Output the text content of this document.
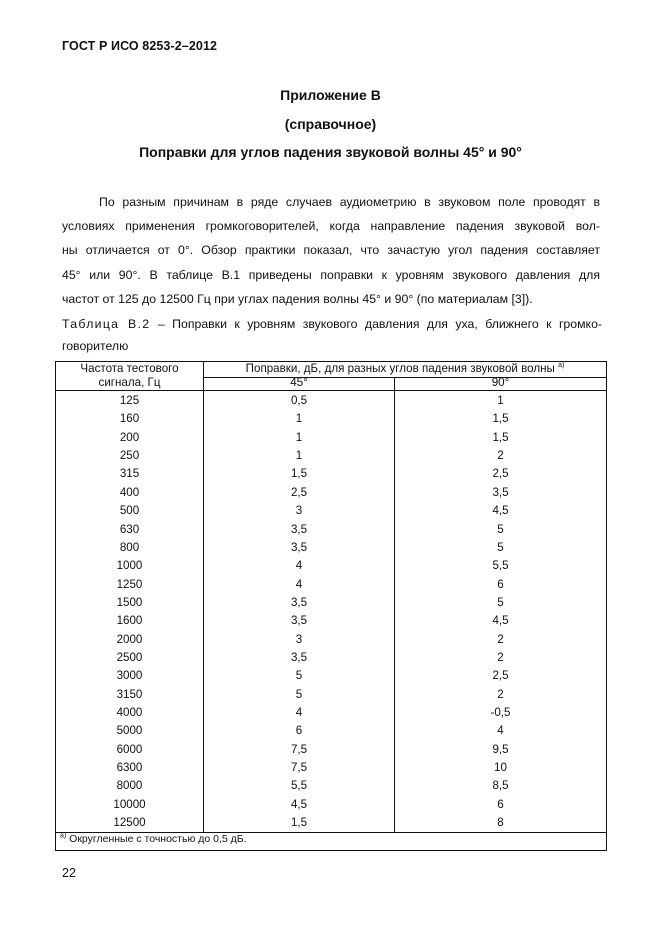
ГОСТ Р ИСО 8253-2–2012
Приложение В
(справочное)
Поправки для углов падения звуковой волны 45° и 90°
По разным причинам в ряде случаев аудиометрию в звуковом поле проводят в
условиях применения громкоговорителей, когда направление падения звуковой вол-
ны отличается от 0°. Обзор практики показал, что зачастую угол падения составляет
45° или 90°. В таблице В.1 приведены поправки к уровням звукового давления для
частот от 125 до 12500 Гц при углах падения волны 45° и 90° (по материалам [3]).
Таблица В.2 – Поправки к уровням звукового давления для уха, ближнего к громко-
говорителю
Частота тестового
сигнала, Гц
Поправки, дБ, для разных углов падения звуковой волны $^{а)}$
45°	90°
125	0,5	1
160	1	1,5
200	1	1,5
250	1	2
315	1,5	2,5
400	2,5	3,5
500	3	4,5
630	3,5	5
800	3,5	5
1000	4	5,5
1250	4	6
1500	3,5	5
1600	3,5	4,5
2000	3	2
2500	3,5	2
3000	5	2,5
3150	5	2
4000	4	-0,5
5000	6	4
6000	7,5	9,5
6300	7,5	10
8000	5,5	8,5
10000	4,5	6
12500	1,5	8
$^{а)}$ Округленные с точностью до 0,5 дБ.
22
